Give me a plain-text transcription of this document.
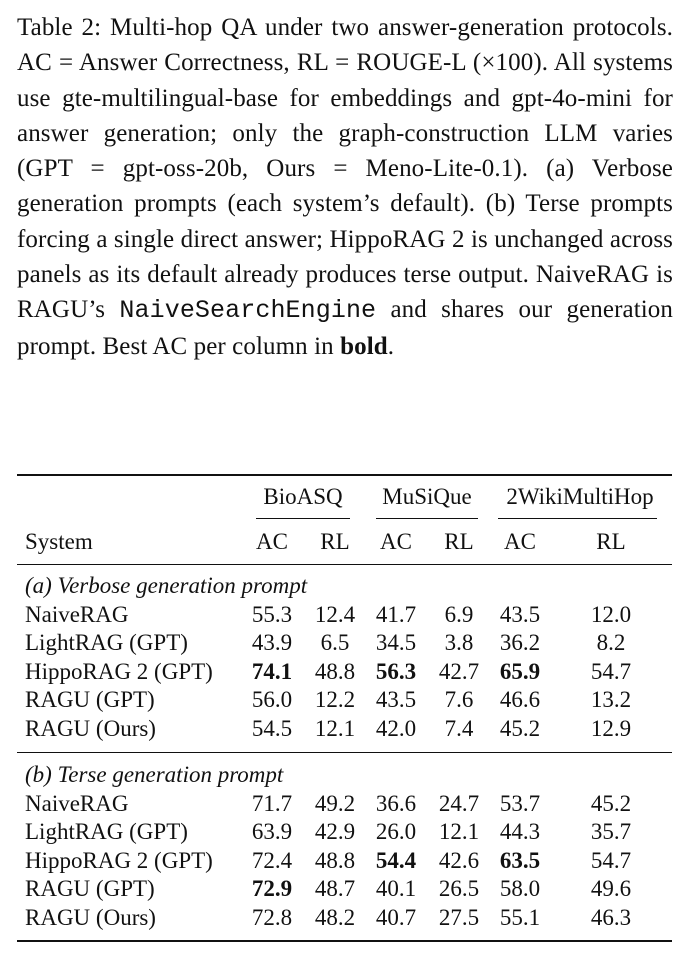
Table 2: Multi-hop QA under two answer-generation protocols. AC = Answer Correctness, RL = ROUGE-L (×100). All systems use gte-multilingual-base for embeddings and gpt-4o-mini for answer generation; only the graph-construction LLM varies (GPT = gpt-oss-20b, Ours = Meno-Lite-0.1). (a) Verbose generation prompts (each system’s default). (b) Terse prompts forcing a single direct answer; HippoRAG 2 is unchanged across panels as its default already produces terse output. NaiveRAG is RAGU’s NaiveSearchEngine and shares our generation prompt. Best AC per column in bold.
BioASQ	MuSiQue	2WikiMultiHop
System	AC	RL	AC	RL	AC	RL
(a) Verbose generation prompt
NaiveRAG	55.3 12.4 41.7	6.9	43.5	12.0
LightRAG (GPT)	43.9	6.5	34.5	3.8	36.2	8.2
HippoRAG 2 (GPT)	74.1 48.8 56.3 42.7 65.9	54.7
RAGU (GPT)	56.0 12.2 43.5	7.6	46.6	13.2
RAGU (Ours)	54.5 12.1 42.0	7.4	45.2	12.9
(b) Terse generation prompt
NaiveRAG	71.7 49.2 36.6 24.7 53.7	45.2
LightRAG (GPT)	63.9 42.9 26.0 12.1 44.3	35.7
HippoRAG 2 (GPT)	72.4 48.8 54.4 42.6 63.5	54.7
RAGU (GPT)	72.9 48.7 40.1 26.5 58.0	49.6
RAGU (Ours)	72.8 48.2 40.7 27.5 55.1	46.3
